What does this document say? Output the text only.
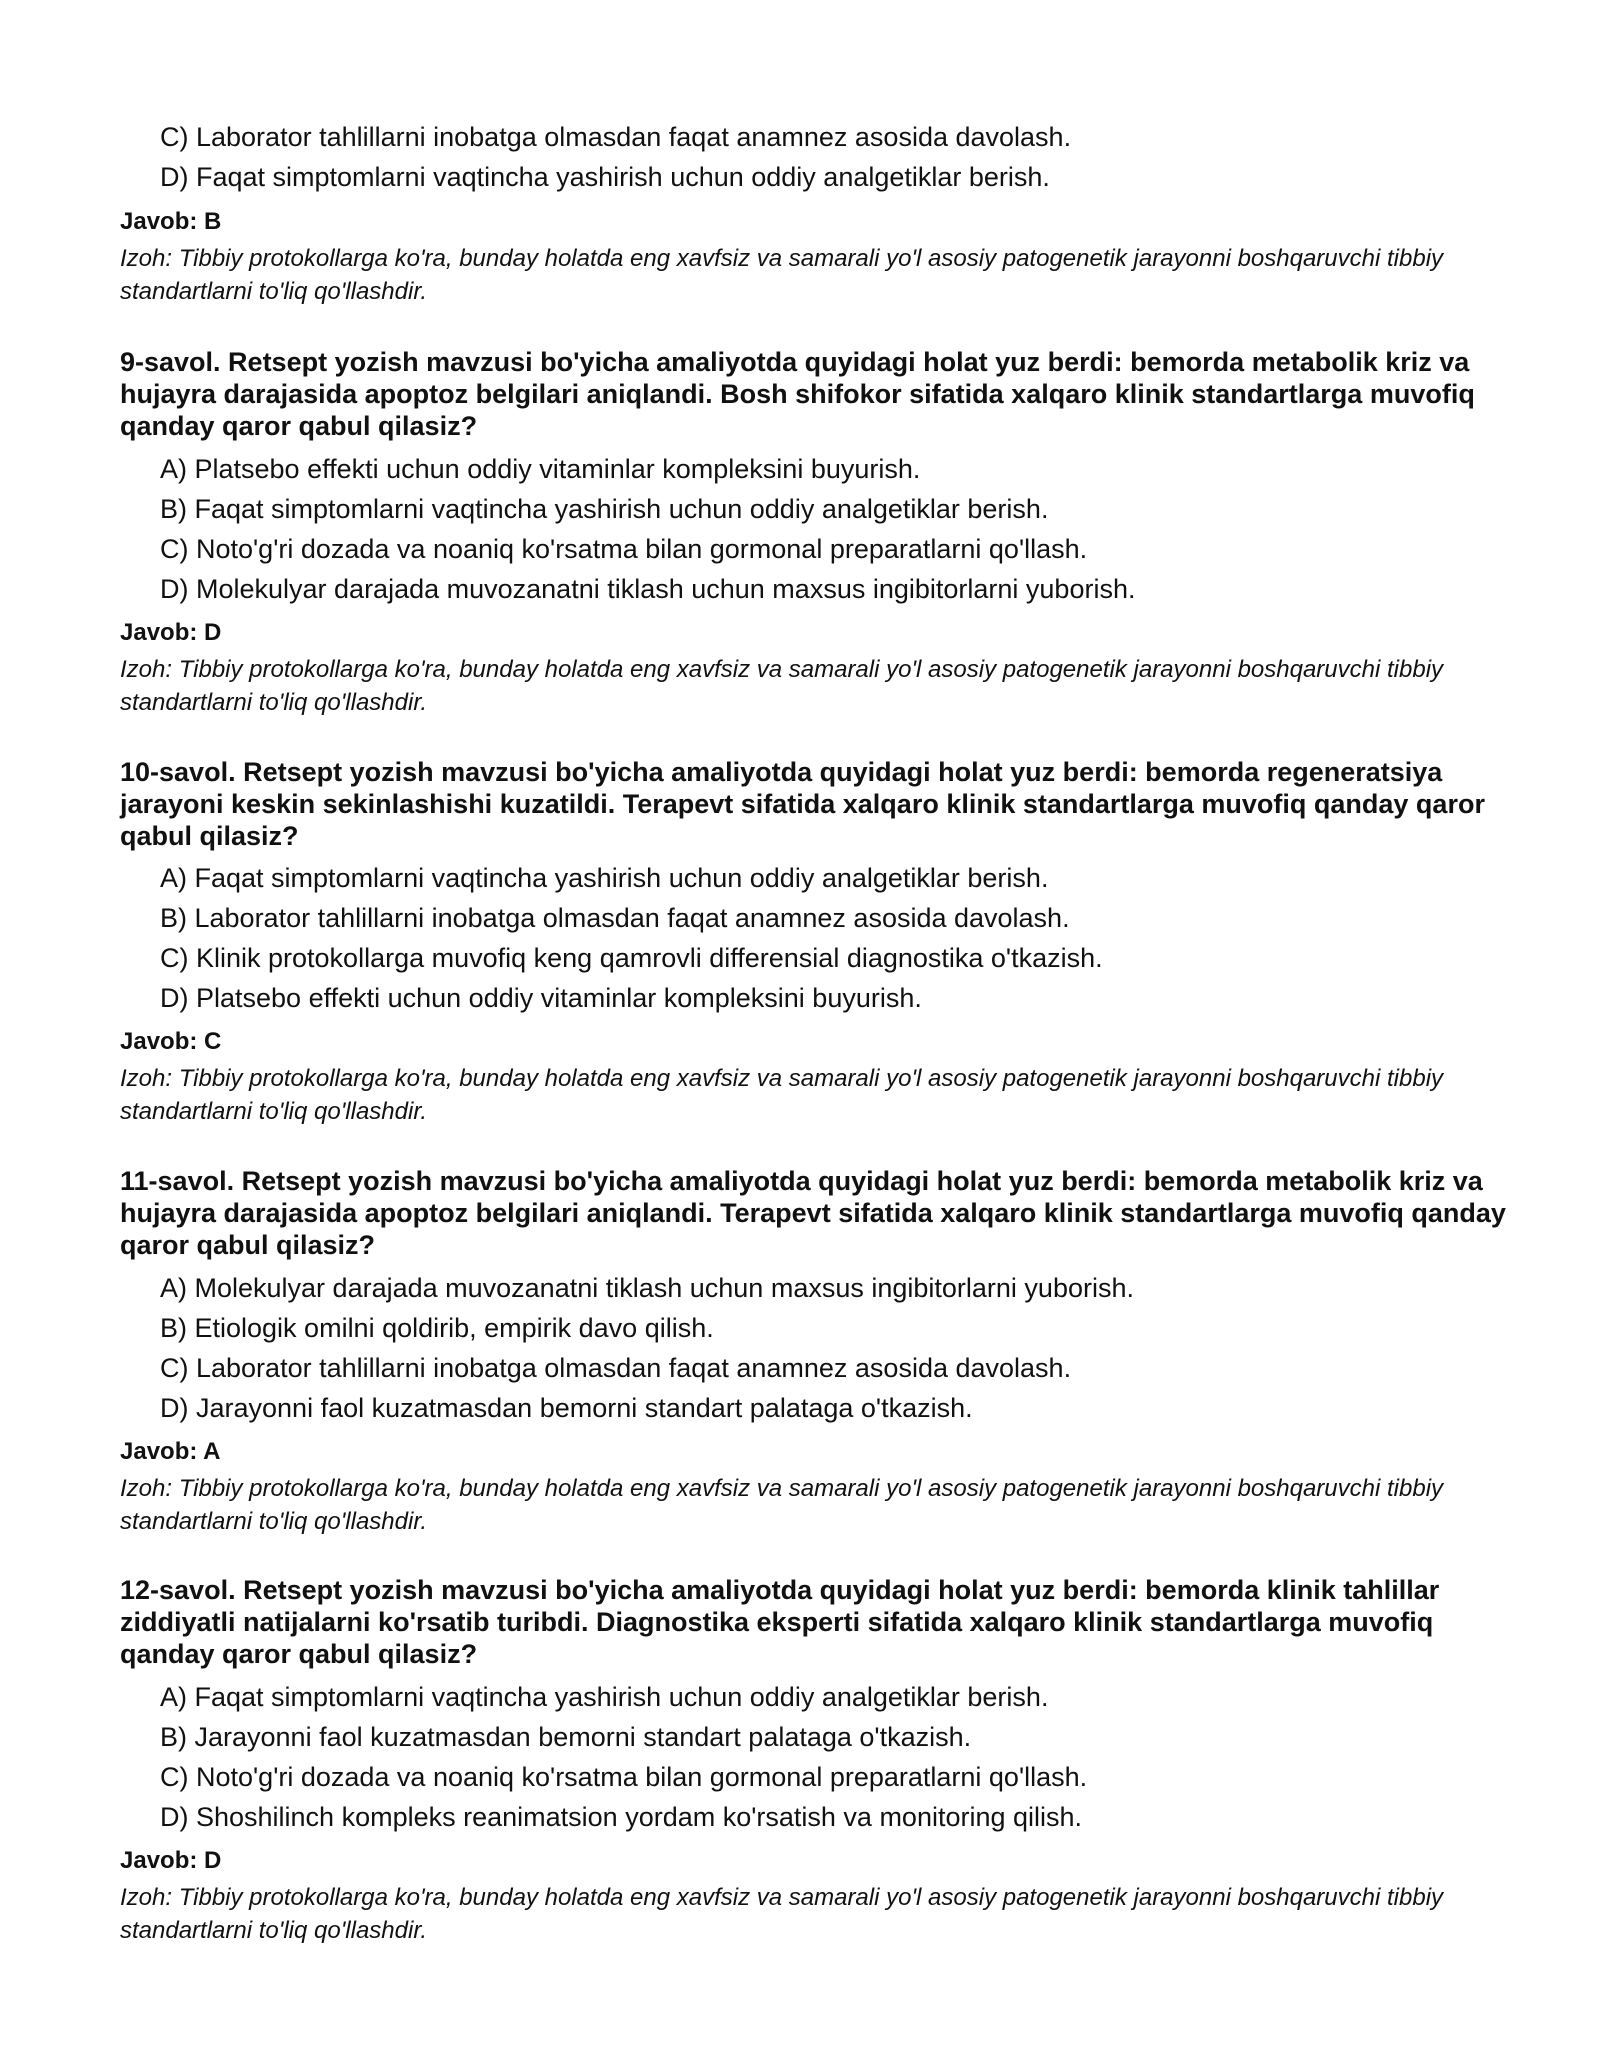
C) Laborator tahlillarni inobatga olmasdan faqat anamnez asosida davolash.
D) Faqat simptomlarni vaqtincha yashirish uchun oddiy analgetiklar berish.
Javob: B
Izoh: Tibbiy protokollarga ko'ra, bunday holatda eng xavfsiz va samarali yo'l asosiy patogenetik jarayonni boshqaruvchi tibbiy standartlarni to'liq qo'llashdir.
9-savol. Retsept yozish mavzusi bo'yicha amaliyotda quyidagi holat yuz berdi: bemorda metabolik kriz va hujayra darajasida apoptoz belgilari aniqlandi. Bosh shifokor sifatida xalqaro klinik standartlarga muvofiq qanday qaror qabul qilasiz?
A) Platsebo effekti uchun oddiy vitaminlar kompleksini buyurish.
B) Faqat simptomlarni vaqtincha yashirish uchun oddiy analgetiklar berish.
C) Noto'g'ri dozada va noaniq ko'rsatma bilan gormonal preparatlarni qo'llash.
D) Molekulyar darajada muvozanatni tiklash uchun maxsus ingibitorlarni yuborish.
Javob: D
Izoh: Tibbiy protokollarga ko'ra, bunday holatda eng xavfsiz va samarali yo'l asosiy patogenetik jarayonni boshqaruvchi tibbiy standartlarni to'liq qo'llashdir.
10-savol. Retsept yozish mavzusi bo'yicha amaliyotda quyidagi holat yuz berdi: bemorda regeneratsiya jarayoni keskin sekinlashishi kuzatildi. Terapevt sifatida xalqaro klinik standartlarga muvofiq qanday qaror qabul qilasiz?
A) Faqat simptomlarni vaqtincha yashirish uchun oddiy analgetiklar berish.
B) Laborator tahlillarni inobatga olmasdan faqat anamnez asosida davolash.
C) Klinik protokollarga muvofiq keng qamrovli differensial diagnostika o'tkazish.
D) Platsebo effekti uchun oddiy vitaminlar kompleksini buyurish.
Javob: C
Izoh: Tibbiy protokollarga ko'ra, bunday holatda eng xavfsiz va samarali yo'l asosiy patogenetik jarayonni boshqaruvchi tibbiy standartlarni to'liq qo'llashdir.
11-savol. Retsept yozish mavzusi bo'yicha amaliyotda quyidagi holat yuz berdi: bemorda metabolik kriz va hujayra darajasida apoptoz belgilari aniqlandi. Terapevt sifatida xalqaro klinik standartlarga muvofiq qanday qaror qabul qilasiz?
A) Molekulyar darajada muvozanatni tiklash uchun maxsus ingibitorlarni yuborish.
B) Etiologik omilni qoldirib, empirik davo qilish.
C) Laborator tahlillarni inobatga olmasdan faqat anamnez asosida davolash.
D) Jarayonni faol kuzatmasdan bemorni standart palataga o'tkazish.
Javob: A
Izoh: Tibbiy protokollarga ko'ra, bunday holatda eng xavfsiz va samarali yo'l asosiy patogenetik jarayonni boshqaruvchi tibbiy standartlarni to'liq qo'llashdir.
12-savol. Retsept yozish mavzusi bo'yicha amaliyotda quyidagi holat yuz berdi: bemorda klinik tahlillar ziddiyatli natijalarni ko'rsatib turibdi. Diagnostika eksperti sifatida xalqaro klinik standartlarga muvofiq qanday qaror qabul qilasiz?
A) Faqat simptomlarni vaqtincha yashirish uchun oddiy analgetiklar berish.
B) Jarayonni faol kuzatmasdan bemorni standart palataga o'tkazish.
C) Noto'g'ri dozada va noaniq ko'rsatma bilan gormonal preparatlarni qo'llash.
D) Shoshilinch kompleks reanimatsion yordam ko'rsatish va monitoring qilish.
Javob: D
Izoh: Tibbiy protokollarga ko'ra, bunday holatda eng xavfsiz va samarali yo'l asosiy patogenetik jarayonni boshqaruvchi tibbiy standartlarni to'liq qo'llashdir.
